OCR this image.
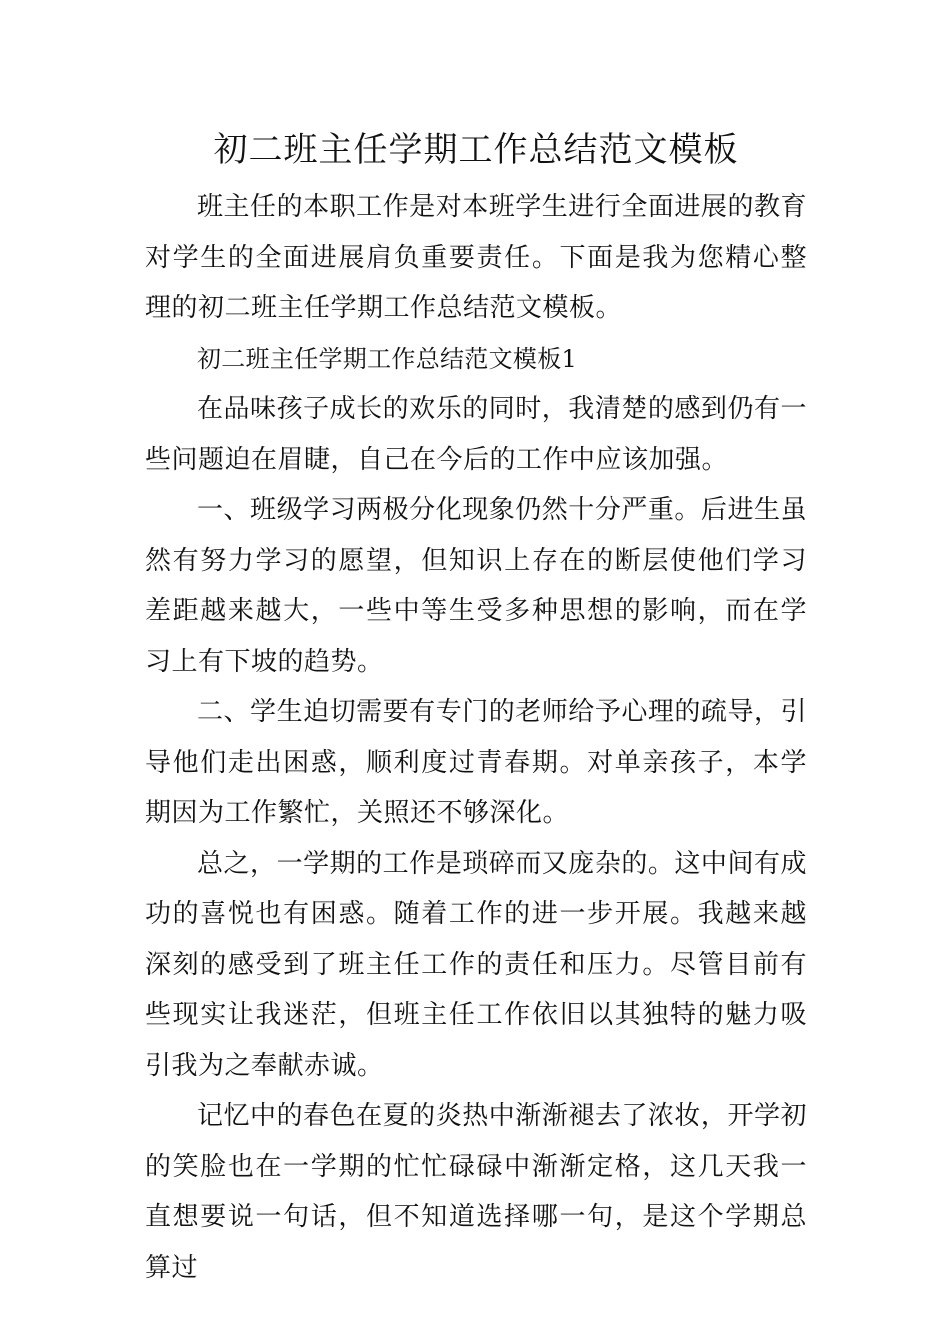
初二班主任学期工作总结范文模板

班主任的本职工作是对本班学生进行全面进展的教育对学生的全面进展肩负重要责任。下面是我为您精心整理的初二班主任学期工作总结范文模板。

初二班主任学期工作总结范文模板1

在品味孩子成长的欢乐的同时，我清楚的感到仍有一些问题迫在眉睫，自己在今后的工作中应该加强。

一、班级学习两极分化现象仍然十分严重。后进生虽然有努力学习的愿望，但知识上存在的断层使他们学习差距越来越大，一些中等生受多种思想的影响，而在学习上有下坡的趋势。

二、学生迫切需要有专门的老师给予心理的疏导，引导他们走出困惑，顺利度过青春期。对单亲孩子，本学期因为工作繁忙，关照还不够深化。

总之，一学期的工作是琐碎而又庞杂的。这中间有成功的喜悦也有困惑。随着工作的进一步开展。我越来越深刻的感受到了班主任工作的责任和压力。尽管目前有些现实让我迷茫，但班主任工作依旧以其独特的魅力吸引我为之奉献赤诚。

记忆中的春色在夏的炎热中渐渐褪去了浓妆，开学初的笑脸也在一学期的忙忙碌碌中渐渐定格，这几天我一直想要说一句话，但不知道选择哪一句，是这个学期总算过
